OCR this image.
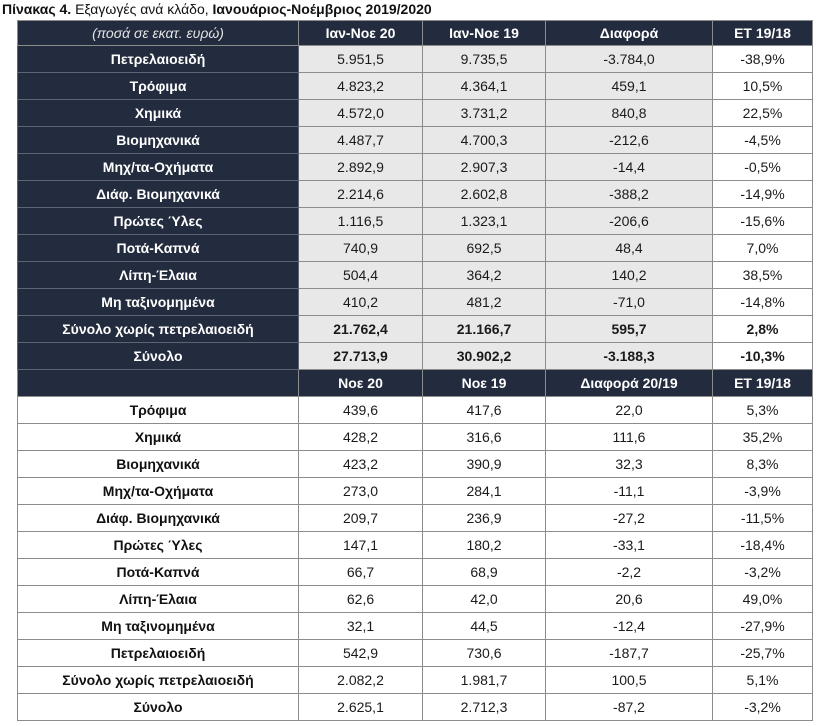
Πίνακας 4. Εξαγωγές ανά κλάδο, Ιανουάριος-Νοέμβριος 2019/2020
(ποσά σε εκατ. ευρώ)	Ιαν-Νοε 20	Ιαν-Νοε 19	Διαφορά	ΕΤ 19/18
Πετρελαιοειδή	5.951,5	9.735,5	-3.784,0	-38,9%
Τρόφιμα	4.823,2	4.364,1	459,1	10,5%
Χημικά	4.572,0	3.731,2	840,8	22,5%
Βιομηχανικά	4.487,7	4.700,3	-212,6	-4,5%
Μηχ/τα-Οχήματα	2.892,9	2.907,3	-14,4	-0,5%
Διάφ. Βιομηχανικά	2.214,6	2.602,8	-388,2	-14,9%
Πρώτες Ύλες	1.116,5	1.323,1	-206,6	-15,6%
Ποτά-Καπνά	740,9	692,5	48,4	7,0%
Λίπη-Έλαια	504,4	364,2	140,2	38,5%
Μη ταξινομημένα	410,2	481,2	-71,0	-14,8%
Σύνολο χωρίς πετρελαιοειδή	21.762,4	21.166,7	595,7	2,8%
Σύνολο	27.713,9	30.902,2	-3.188,3	-10,3%
	Νοε 20	Νοε 19	Διαφορά 20/19	ΕΤ 19/18
Τρόφιμα	439,6	417,6	22,0	5,3%
Χημικά	428,2	316,6	111,6	35,2%
Βιομηχανικά	423,2	390,9	32,3	8,3%
Μηχ/τα-Οχήματα	273,0	284,1	-11,1	-3,9%
Διάφ. Βιομηχανικά	209,7	236,9	-27,2	-11,5%
Πρώτες Ύλες	147,1	180,2	-33,1	-18,4%
Ποτά-Καπνά	66,7	68,9	-2,2	-3,2%
Λίπη-Έλαια	62,6	42,0	20,6	49,0%
Μη ταξινομημένα	32,1	44,5	-12,4	-27,9%
Πετρελαιοειδή	542,9	730,6	-187,7	-25,7%
Σύνολο χωρίς πετρελαιοειδή	2.082,2	1.981,7	100,5	5,1%
Σύνολο	2.625,1	2.712,3	-87,2	-3,2%
